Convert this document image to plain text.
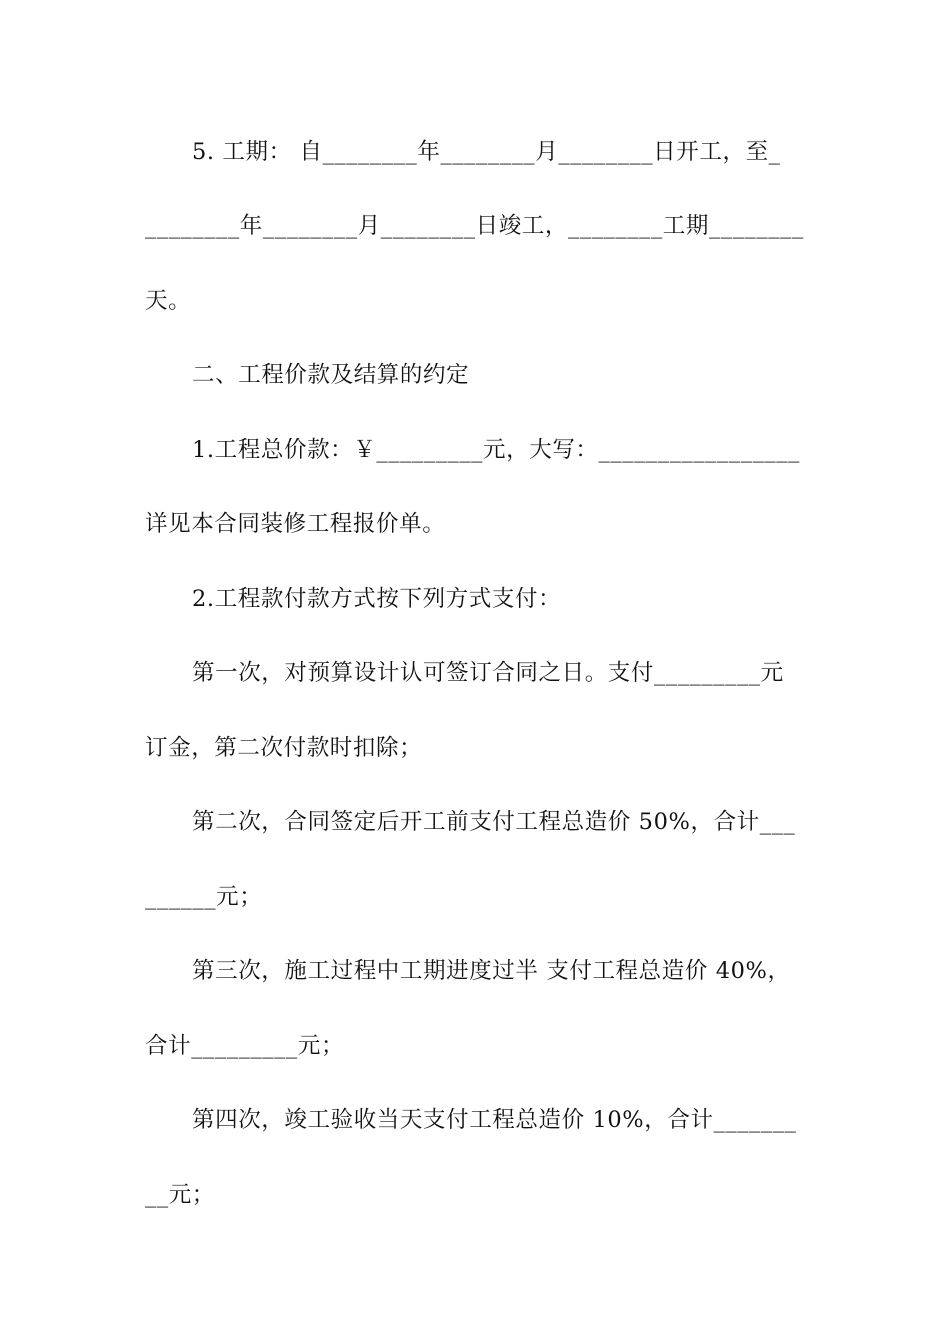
5. 工期： 自________年________月________日开工，至_
________年________月________日竣工，________工期________
天。
二、工程价款及结算的约定
1.工程总价款：￥_________元，大写：_________________
详见本合同装修工程报价单。
2.工程款付款方式按下列方式支付：
第一次，对预算设计认可签订合同之日。支付_________元
订金，第二次付款时扣除；
第二次，合同签定后开工前支付工程总造价 50%，合计___
______元；
第三次，施工过程中工期进度过半 支付工程总造价 40%，
合计_________元；
第四次，竣工验收当天支付工程总造价 10%，合计_______
__元；
